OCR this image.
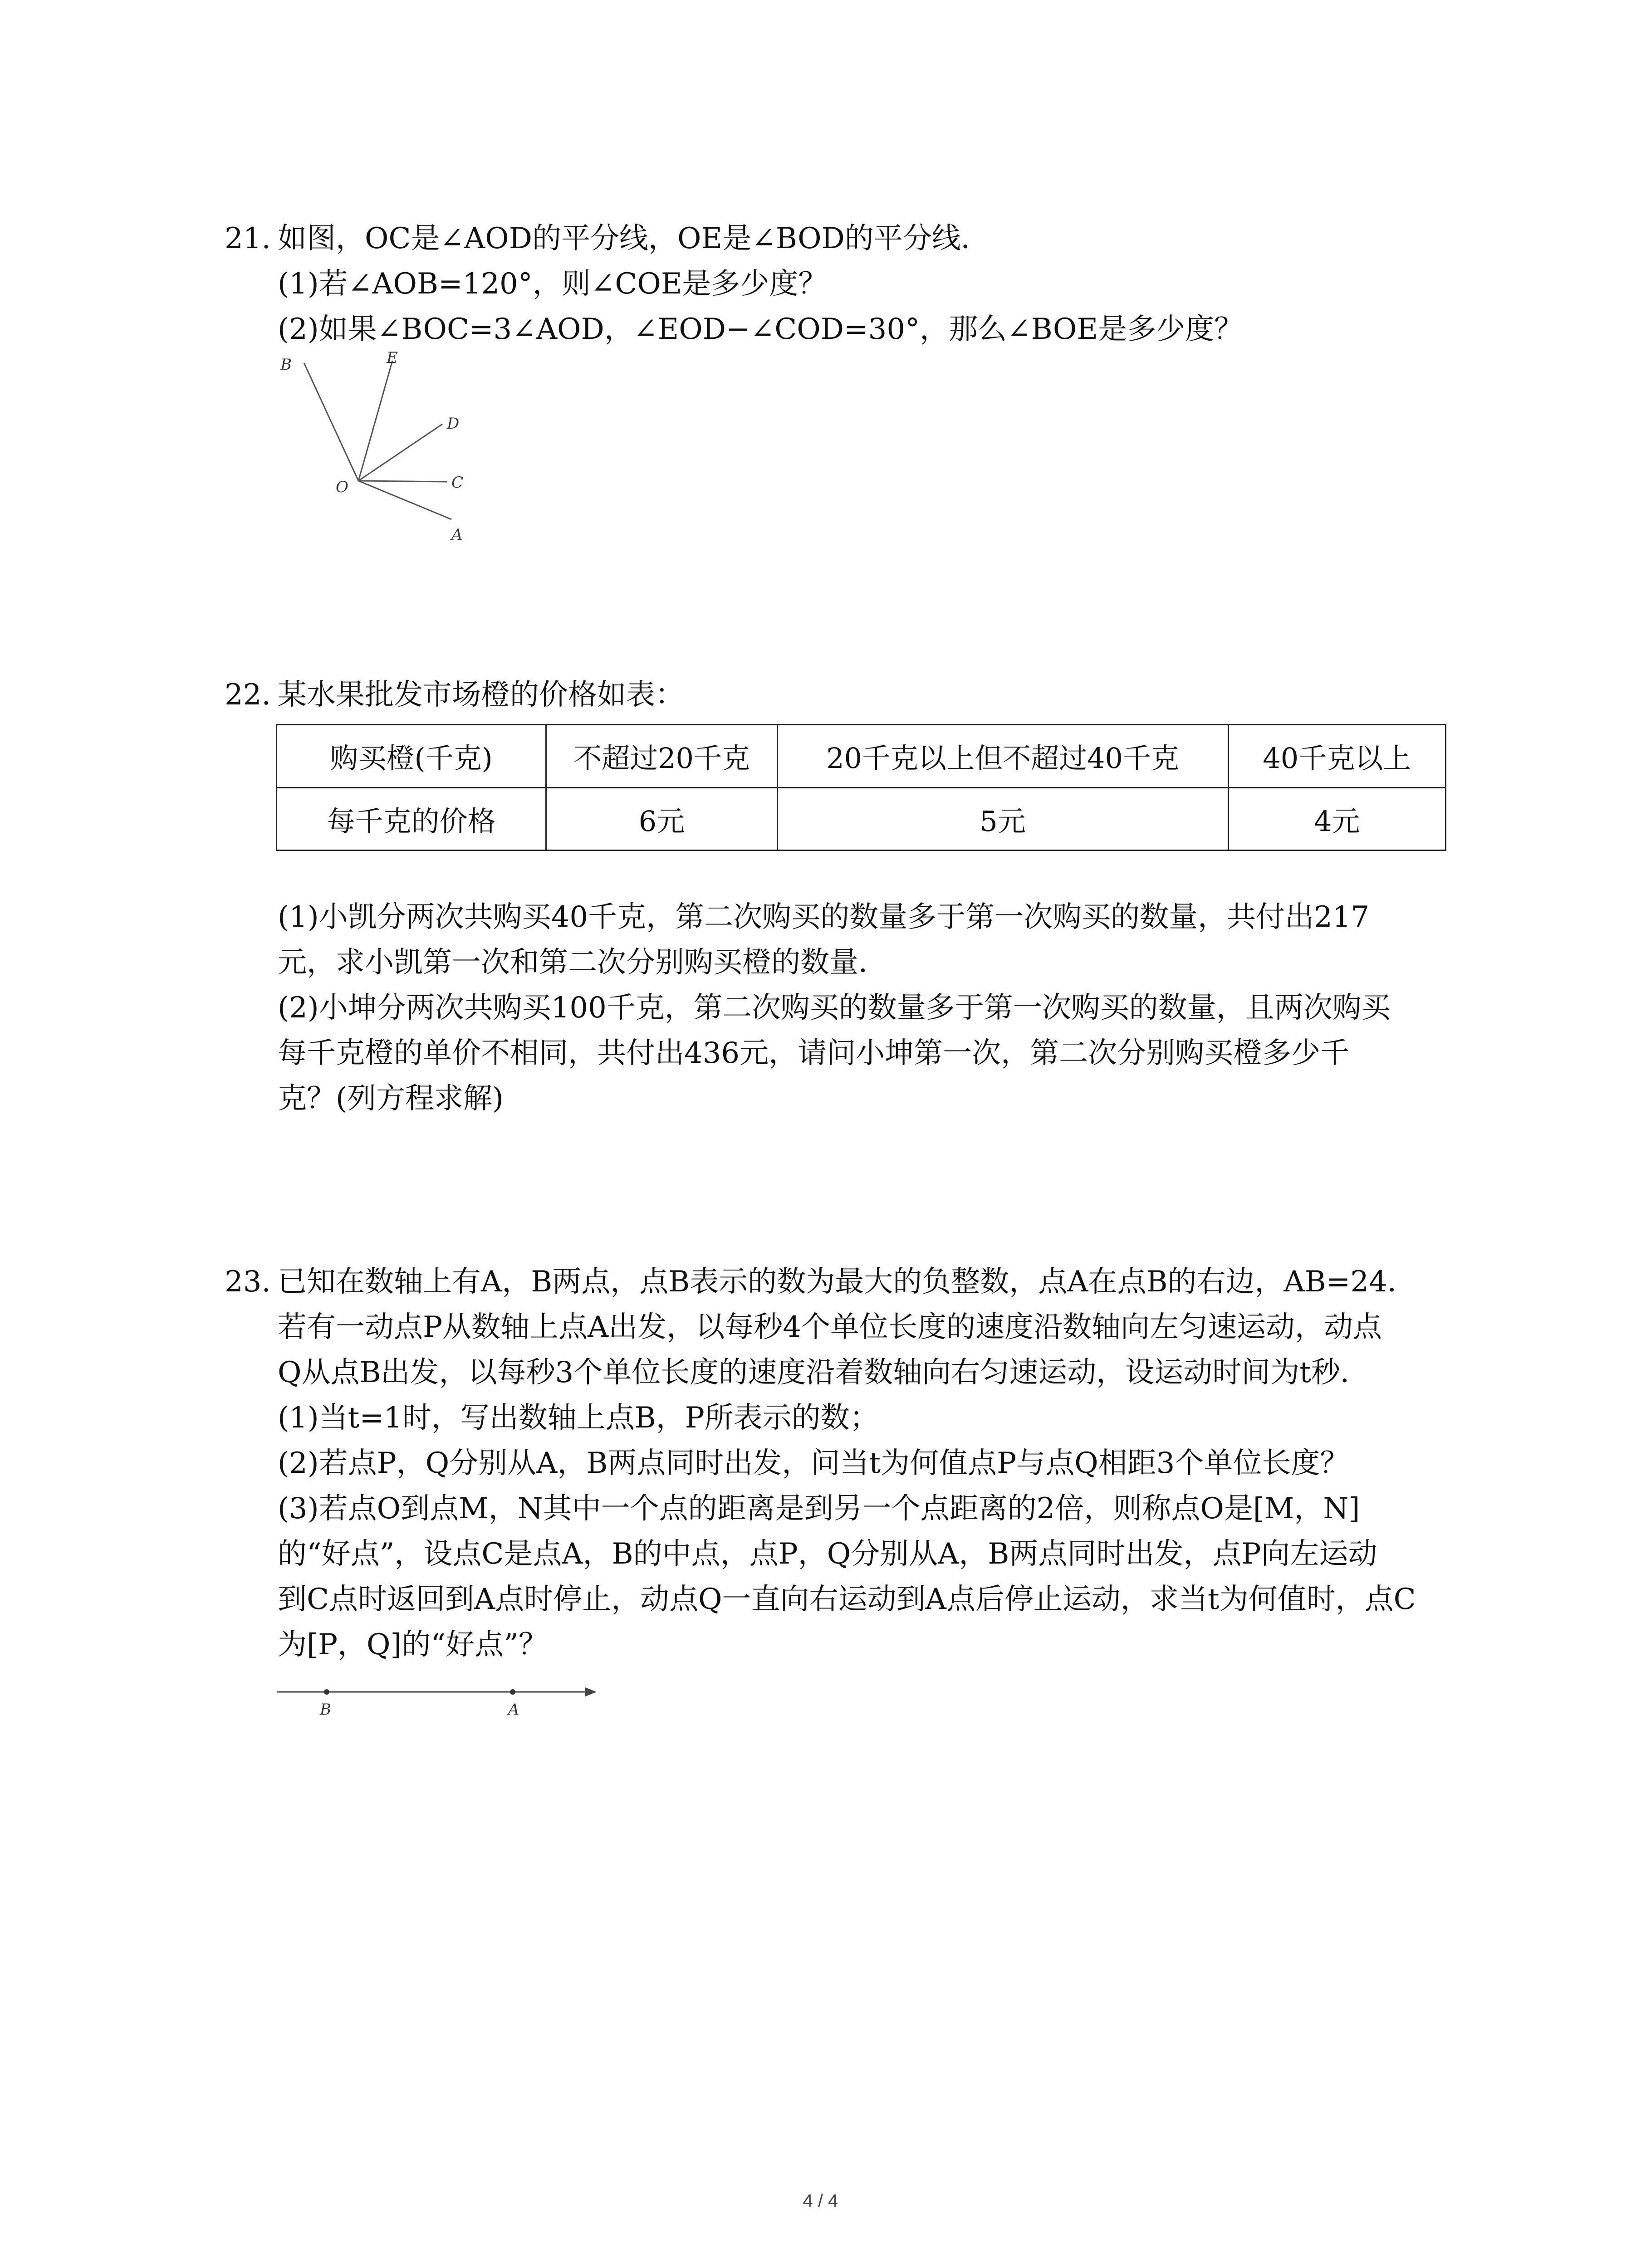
21. 如图，OC是∠AOD的平分线，OE是∠BOD的平分线．
(1)若∠AOB=120°，则∠COE是多少度？
(2)如果∠BOC=3∠AOD，∠EOD−∠COD=30°，那么∠BOE是多少度？
B	E
D
C
O
A
22. 某水果批发市场橙的价格如表：
购买橙(千克)	不超过20千克	20千克以上但不超过40千克	40千克以上
每千克的价格	6元	5元	4元
(1)小凯分两次共购买40千克，第二次购买的数量多于第一次购买的数量，共付出217
元，求小凯第一次和第二次分别购买橙的数量．
(2)小坤分两次共购买100千克，第二次购买的数量多于第一次购买的数量，且两次购买
每千克橙的单价不相同，共付出436元，请问小坤第一次，第二次分别购买橙多少千
克？(列方程求解)
23. 已知在数轴上有A，B两点，点B表示的数为最大的负整数，点A在点B的右边，AB=24．
若有一动点P从数轴上点A出发，以每秒4个单位长度的速度沿数轴向左匀速运动，动点
Q从点B出发，以每秒3个单位长度的速度沿着数轴向右匀速运动，设运动时间为t秒．
(1)当t=1时，写出数轴上点B，P所表示的数；
(2)若点P，Q分别从A，B两点同时出发，问当t为何值点P与点Q相距3个单位长度？
(3)若点O到点M，N其中一个点的距离是到另一个点距离的2倍，则称点O是[M，N]
的“好点”，设点C是点A，B的中点，点P，Q分别从A，B两点同时出发，点P向左运动
到C点时返回到A点时停止，动点Q一直向右运动到A点后停止运动，求当t为何值时，点C
为[P，Q]的“好点”？
B	A
4 / 4
